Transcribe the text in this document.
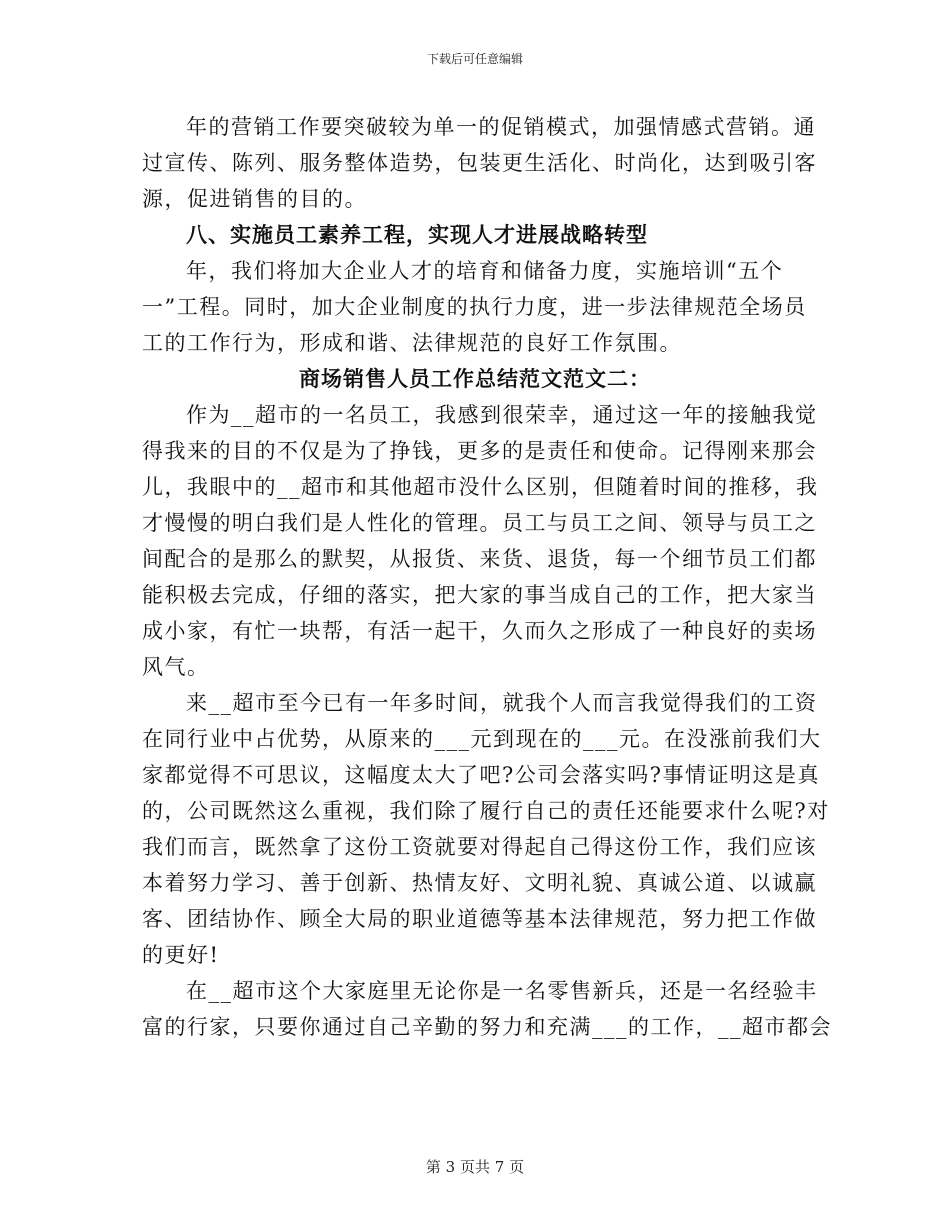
下载后可任意编辑
年的营销工作要突破较为单一的促销模式，加强情感式营销。通
过宣传、陈列、服务整体造势，包装更生活化、时尚化，达到吸引客
源，促进销售的目的。
八、实施员工素养工程，实现人才进展战略转型
年，我们将加大企业人才的培育和储备力度，实施培训“五个
一”工程。同时，加大企业制度的执行力度，进一步法律规范全场员
工的工作行为，形成和谐、法律规范的良好工作氛围。
商场销售人员工作总结范文范文二：
作为__超市的一名员工，我感到很荣幸，通过这一年的接触我觉
得我来的目的不仅是为了挣钱，更多的是责任和使命。记得刚来那会
儿，我眼中的__超市和其他超市没什么区别，但随着时间的推移，我
才慢慢的明白我们是人性化的管理。员工与员工之间、领导与员工之
间配合的是那么的默契，从报货、来货、退货，每一个细节员工们都
能积极去完成，仔细的落实，把大家的事当成自己的工作，把大家当
成小家，有忙一块帮，有活一起干，久而久之形成了一种良好的卖场
风气。
来__超市至今已有一年多时间，就我个人而言我觉得我们的工资
在同行业中占优势，从原来的___元到现在的___元。在没涨前我们大
家都觉得不可思议，这幅度太大了吧?公司会落实吗?事情证明这是真
的，公司既然这么重视，我们除了履行自己的责任还能要求什么呢?对
我们而言，既然拿了这份工资就要对得起自己得这份工作，我们应该
本着努力学习、善于创新、热情友好、文明礼貌、真诚公道、以诚赢
客、团结协作、顾全大局的职业道德等基本法律规范，努力把工作做
的更好!
在__超市这个大家庭里无论你是一名零售新兵，还是一名经验丰
富的行家，只要你通过自己辛勤的努力和充满___的工作，__超市都会
第 3 页共 7 页
